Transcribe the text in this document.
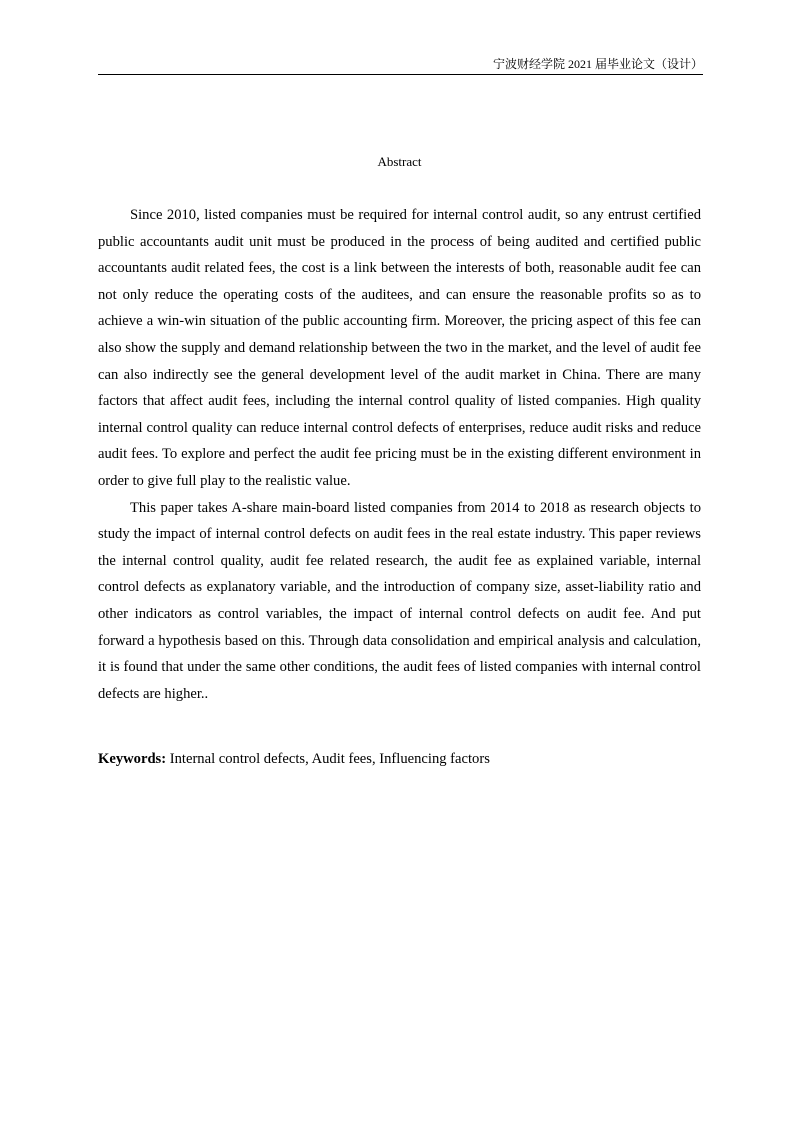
宁波财经学院 2021 届毕业论文（设计）
Abstract

Since 2010, listed companies must be required for internal control audit, so any entrust certified public accountants audit unit must be produced in the process of being audited and certified public accountants audit related fees, the cost is a link between the interests of both, reasonable audit fee can not only reduce the operating costs of the auditees, and can ensure the reasonable profits so as to achieve a win-win situation of the public accounting firm. Moreover, the pricing aspect of this fee can also show the supply and demand relationship between the two in the market, and the level of audit fee can also indirectly see the general development level of the audit market in China. There are many factors that affect audit fees, including the internal control quality of listed companies. High quality internal control quality can reduce internal control defects of enterprises, reduce audit risks and reduce audit fees. To explore and perfect the audit fee pricing must be in the existing different environment in order to give full play to the realistic value.

This paper takes A-share main-board listed companies from 2014 to 2018 as research objects to study the impact of internal control defects on audit fees in the real estate industry. This paper reviews the internal control quality, audit fee related research, the audit fee as explained variable, internal control defects as explanatory variable, and the introduction of company size, asset-liability ratio and other indicators as control variables, the impact of internal control defects on audit fee. And put forward a hypothesis based on this. Through data consolidation and empirical analysis and calculation, it is found that under the same other conditions, the audit fees of listed companies with internal control defects are higher..

Keywords: Internal control defects, Audit fees, Influencing factors
